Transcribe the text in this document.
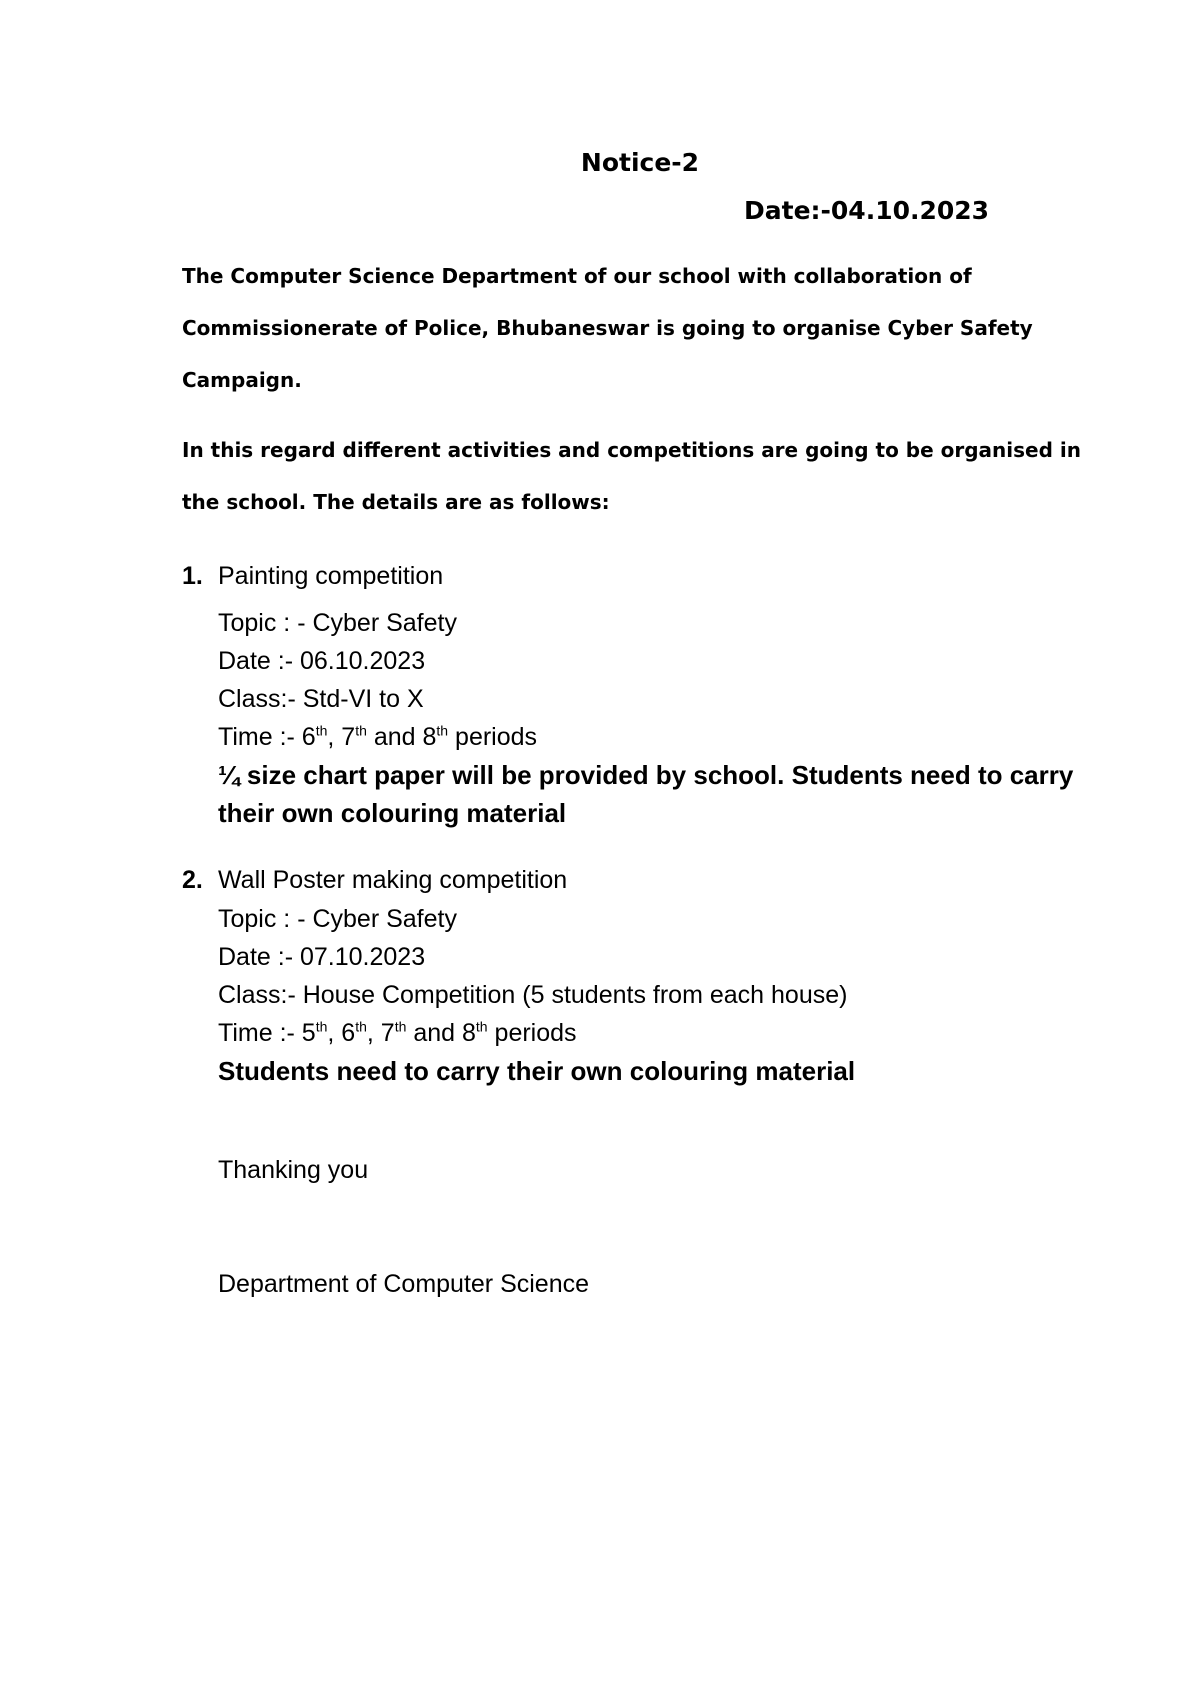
Notice-2
Date:-04.10.2023
The Computer Science Department of our school with collaboration of Commissionerate of Police, Bhubaneswar is going to organise Cyber Safety Campaign.
In this regard different activities and competitions are going to be organised in the school. The details are as follows:
1. Painting competition
Topic : - Cyber Safety
Date :- 06.10.2023
Class:- Std-VI to X
Time :- 6th, 7th and 8th periods
¼ size chart paper will be provided by school. Students need to carry their own colouring material
2. Wall Poster making competition
Topic : - Cyber Safety
Date :- 07.10.2023
Class:- House Competition (5 students from each house)
Time :- 5th, 6th, 7th and 8th periods
Students need to carry their own colouring material
Thanking you
Department of Computer Science
